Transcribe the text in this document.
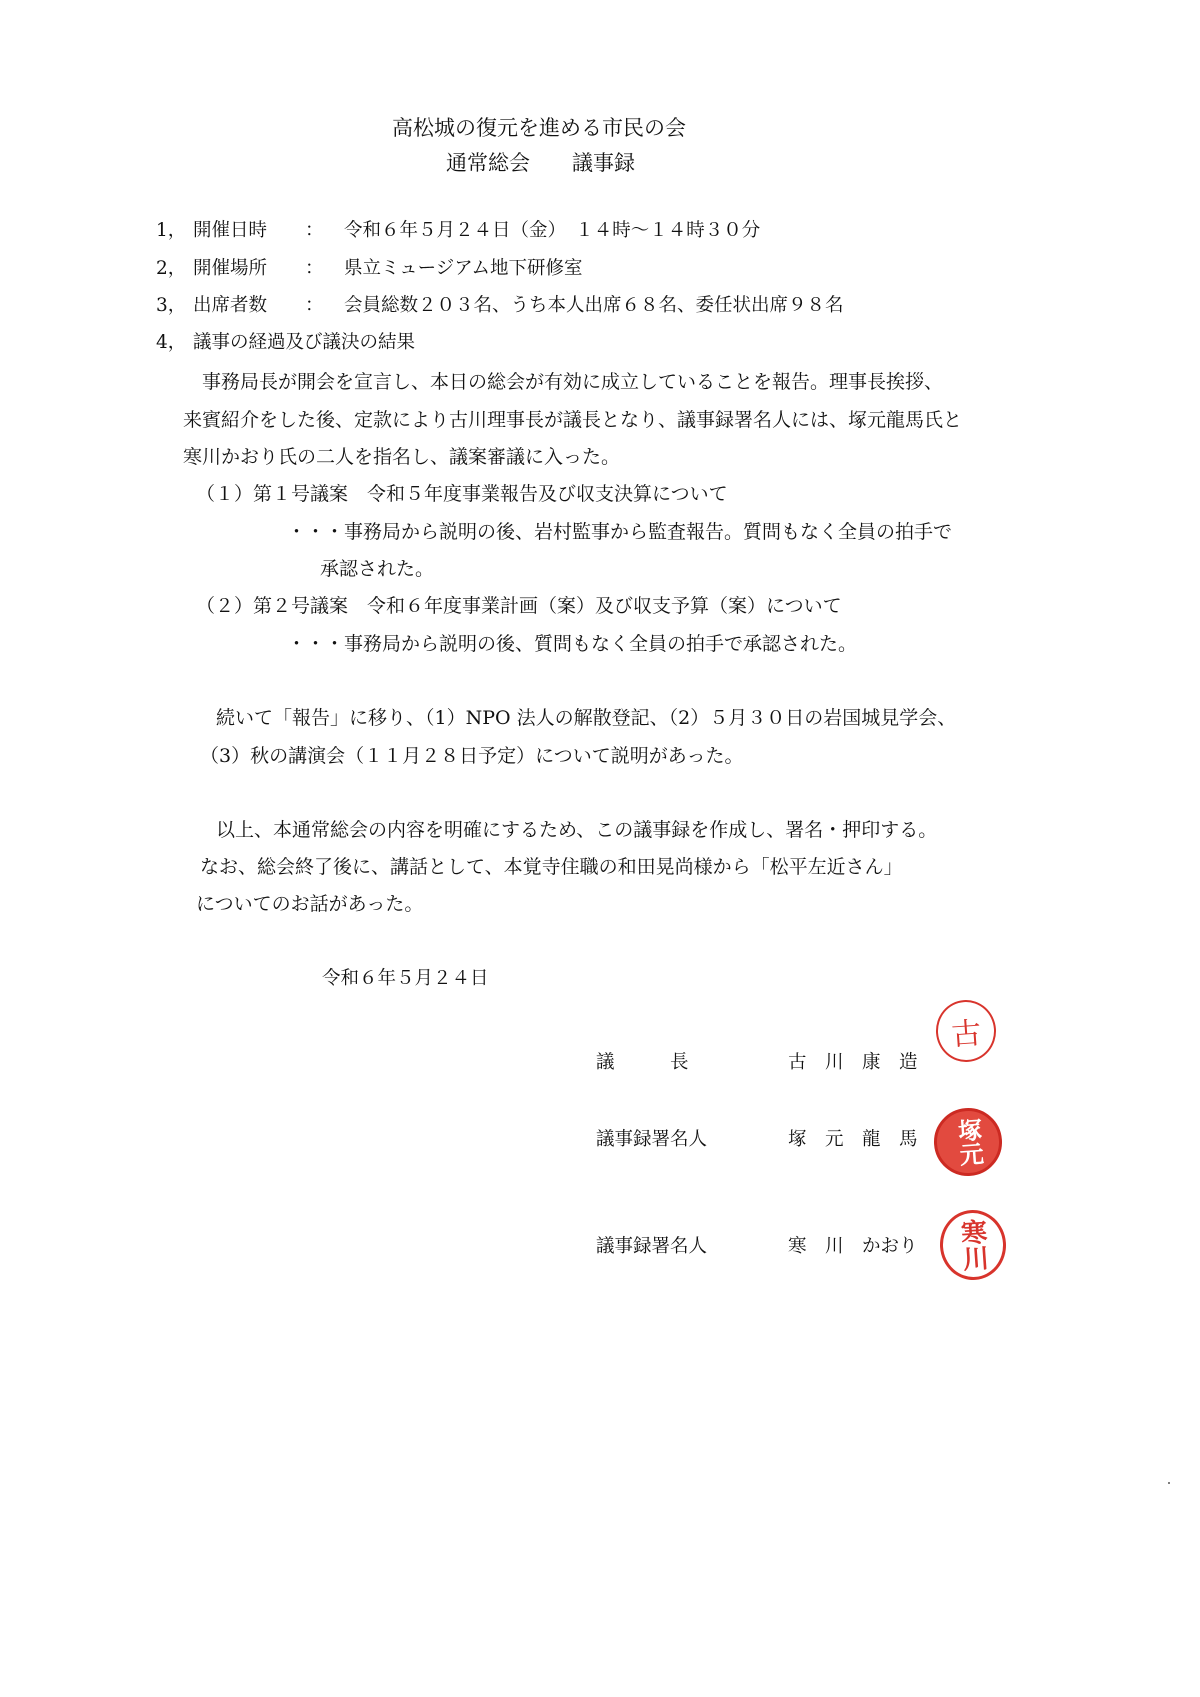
高松城の復元を進める市民の会
通常総会　　議事録
1， 開催日時 ： 令和６年５月２４日（金）　１４時～１４時３０分
2， 開催場所 ： 県立ミュージアム地下研修室
3， 出席者数 ： 会員総数２０３名、うち本人出席６８名、委任状出席９８名
4， 議事の経過及び議決の結果
　事務局長が開会を宣言し、本日の総会が有効に成立していることを報告。理事長挨拶、
来賓紹介をした後、定款により古川理事長が議長となり、議事録署名人には、塚元龍馬氏と
寒川かおり氏の二人を指名し、議案審議に入った。
（１）第１号議案　令和５年度事業報告及び収支決算について
・・・事務局から説明の後、岩村監事から監査報告。質問もなく全員の拍手で
承認された。
（２）第２号議案　令和６年度事業計画（案）及び収支予算（案）について
・・・事務局から説明の後、質問もなく全員の拍手で承認された。
続いて「報告」に移り、（1）NPO 法人の解散登記、（2）５月３０日の岩国城見学会、
（3）秋の講演会（１１月２８日予定）について説明があった。
以上、本通常総会の内容を明確にするため、この議事録を作成し、署名・押印する。
なお、総会終了後に、講話として、本覚寺住職の和田晃尚様から「松平左近さん」
についてのお話があった。
令和６年５月２４日
議　　　長	古　川　康　造
古
議事録署名人	塚　元　龍　馬 塚元
議事録署名人	寒　川　かおり 寒川
